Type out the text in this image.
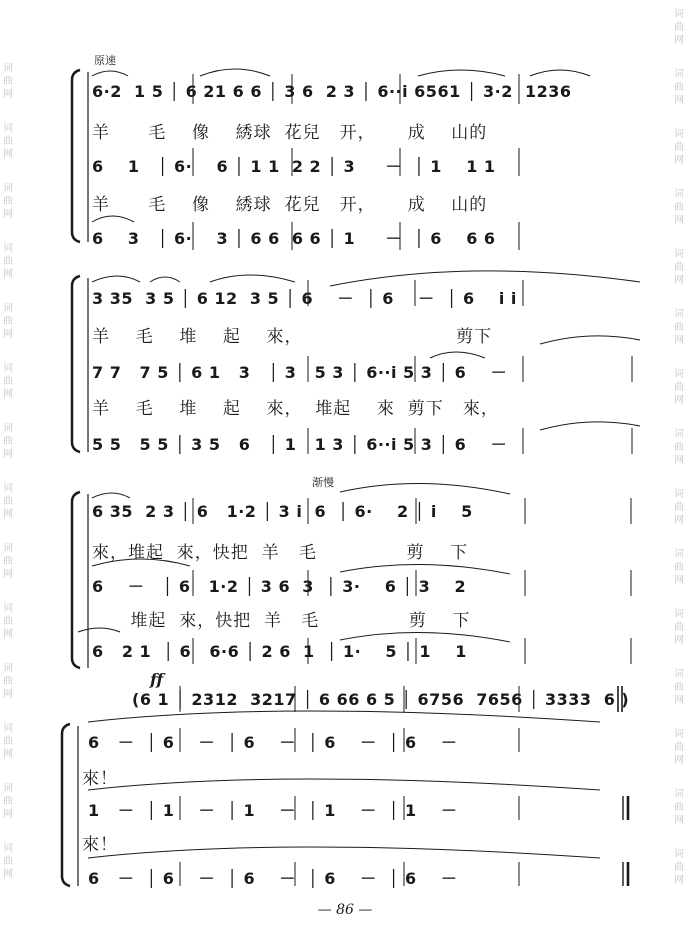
词曲网
词曲网
词曲网
词曲网
词曲网
词曲网
词曲网
词曲网
词曲网
词曲网
词曲网
词曲网
词曲网
词曲网
词曲网
词曲网
词曲网
词曲网
词曲网
词曲网
词曲网
词曲网
词曲网
词曲网
词曲网
词曲网
词曲网
词曲网
词曲网
原速
渐慢
ff
6·2  1 5 │ 6 21 6 6 │ 3 6  2 3 │ 6··i 6561 │ 3·2  1236
羊      毛    像    綉球  花兒   开，     成    山的
6    1   │ 6·    6 │ 1 1  2 2 │ 3     －  │ 1    1 1
羊      毛    像    綉球  花兒   开，     成    山的
6    3   │ 6·    3 │ 6 6  6 6 │ 1     －  │ 6    6 6
3 35  3 5 │ 6 12  3 5 │ 6    －  │ 6    －  │ 6    i i
羊    毛    堆    起    來，                        剪下
7 7   7 5 │ 6 1   3   │ 3   5 3 │ 6··i 5 3 │ 6    －
羊    毛    堆    起    來，  堆起    來  剪下   來，
5 5   5 5 │ 3 5   6   │ 1   1 3 │ 6··i 5 3 │ 6    －
6 35  2 3 │ 6   1·2 │ 3 i  6  │ 6·    2 │ i    5
來，堆起  來，快把  羊   毛              剪    下
6    －   │ 6   1·2 │ 3 6  3  │ 3·    6 │ 3    2
堆起  來，快把  羊   毛              剪    下
6   2 1  │ 6   6·6 │ 2 6  1  │ 1·    5 │ 1    1
(6 1 │ 2312  3217 │ 6 66 6 5 │ 6756  7656 │ 3333  6 )
6   －  │ 6    －  │ 6    －  │ 6    －  │ 6    －
來！
1   －  │ 1    －  │ 1    －  │ 1    －  │ 1    －
來！
6   －  │ 6    －  │ 6    －  │ 6    －  │ 6    －
— 86 —
